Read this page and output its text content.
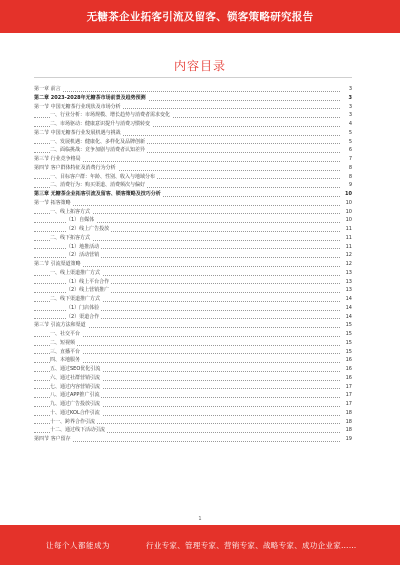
无糖茶企业拓客引流及留客、锁客策略研究报告
内容目录
第一章 前言	3
第二章 2023-2028年无糖茶市场前景及趋势预测	3
第一节 中国无糖茶行业现状及市场分析	3
一、行业分析：市场规模、增长趋势与消费者需求变化	3
二、市场驱动：健康意识提升与消费习惯转变	4
第二节 中国无糖茶行业发展机遇与挑战	5
一、发展机遇：健康化、多样化及品牌创新	5
二、面临挑战：竞争加剧与消费者认知差异	6
第三节 行业竞争格局	7
第四节 客户群体特征及消费行为分析	8
一、目标客户群：年龄、性别、收入与地域分布	8
二、消费行为：购买渠道、消费频次与偏好	9
第三章 无糖茶企业拓客引流及留客、锁客策略及技巧分析	10
第一节 拓客策略	10
一、线上拓客方式	10
（1）自媒体	10
（2）线上广告投放	11
二、线下拓客方式	11
（1）地推活动	11
（2）活动营销	12
第二节 引流渠道策略	12
一、线上渠道推广方式	13
（1）线上平台合作	13
（2）线上营销推广	13
二、线下渠道推广方式	14
（1）门店体验	14
（2）渠道合作	14
第三节 引流方法和渠道	15
一、社交平台	15
二、短视频	15
三、直播平台	15
四、本地服务	16
五、通过SEO优化引流	16
六、通过社群营销引流	16
七、通过内容营销引流	17
八、通过APP推广引流	17
九、通过广告投放引流	17
十、通过KOL合作引流	18
十一、跨界合作引流	18
十二、通过线下活动引流	18
第四节 客户留存	19
1
让每个人都能成为	行业专家、管理专家、营销专家、战略专家、成功企业家……
